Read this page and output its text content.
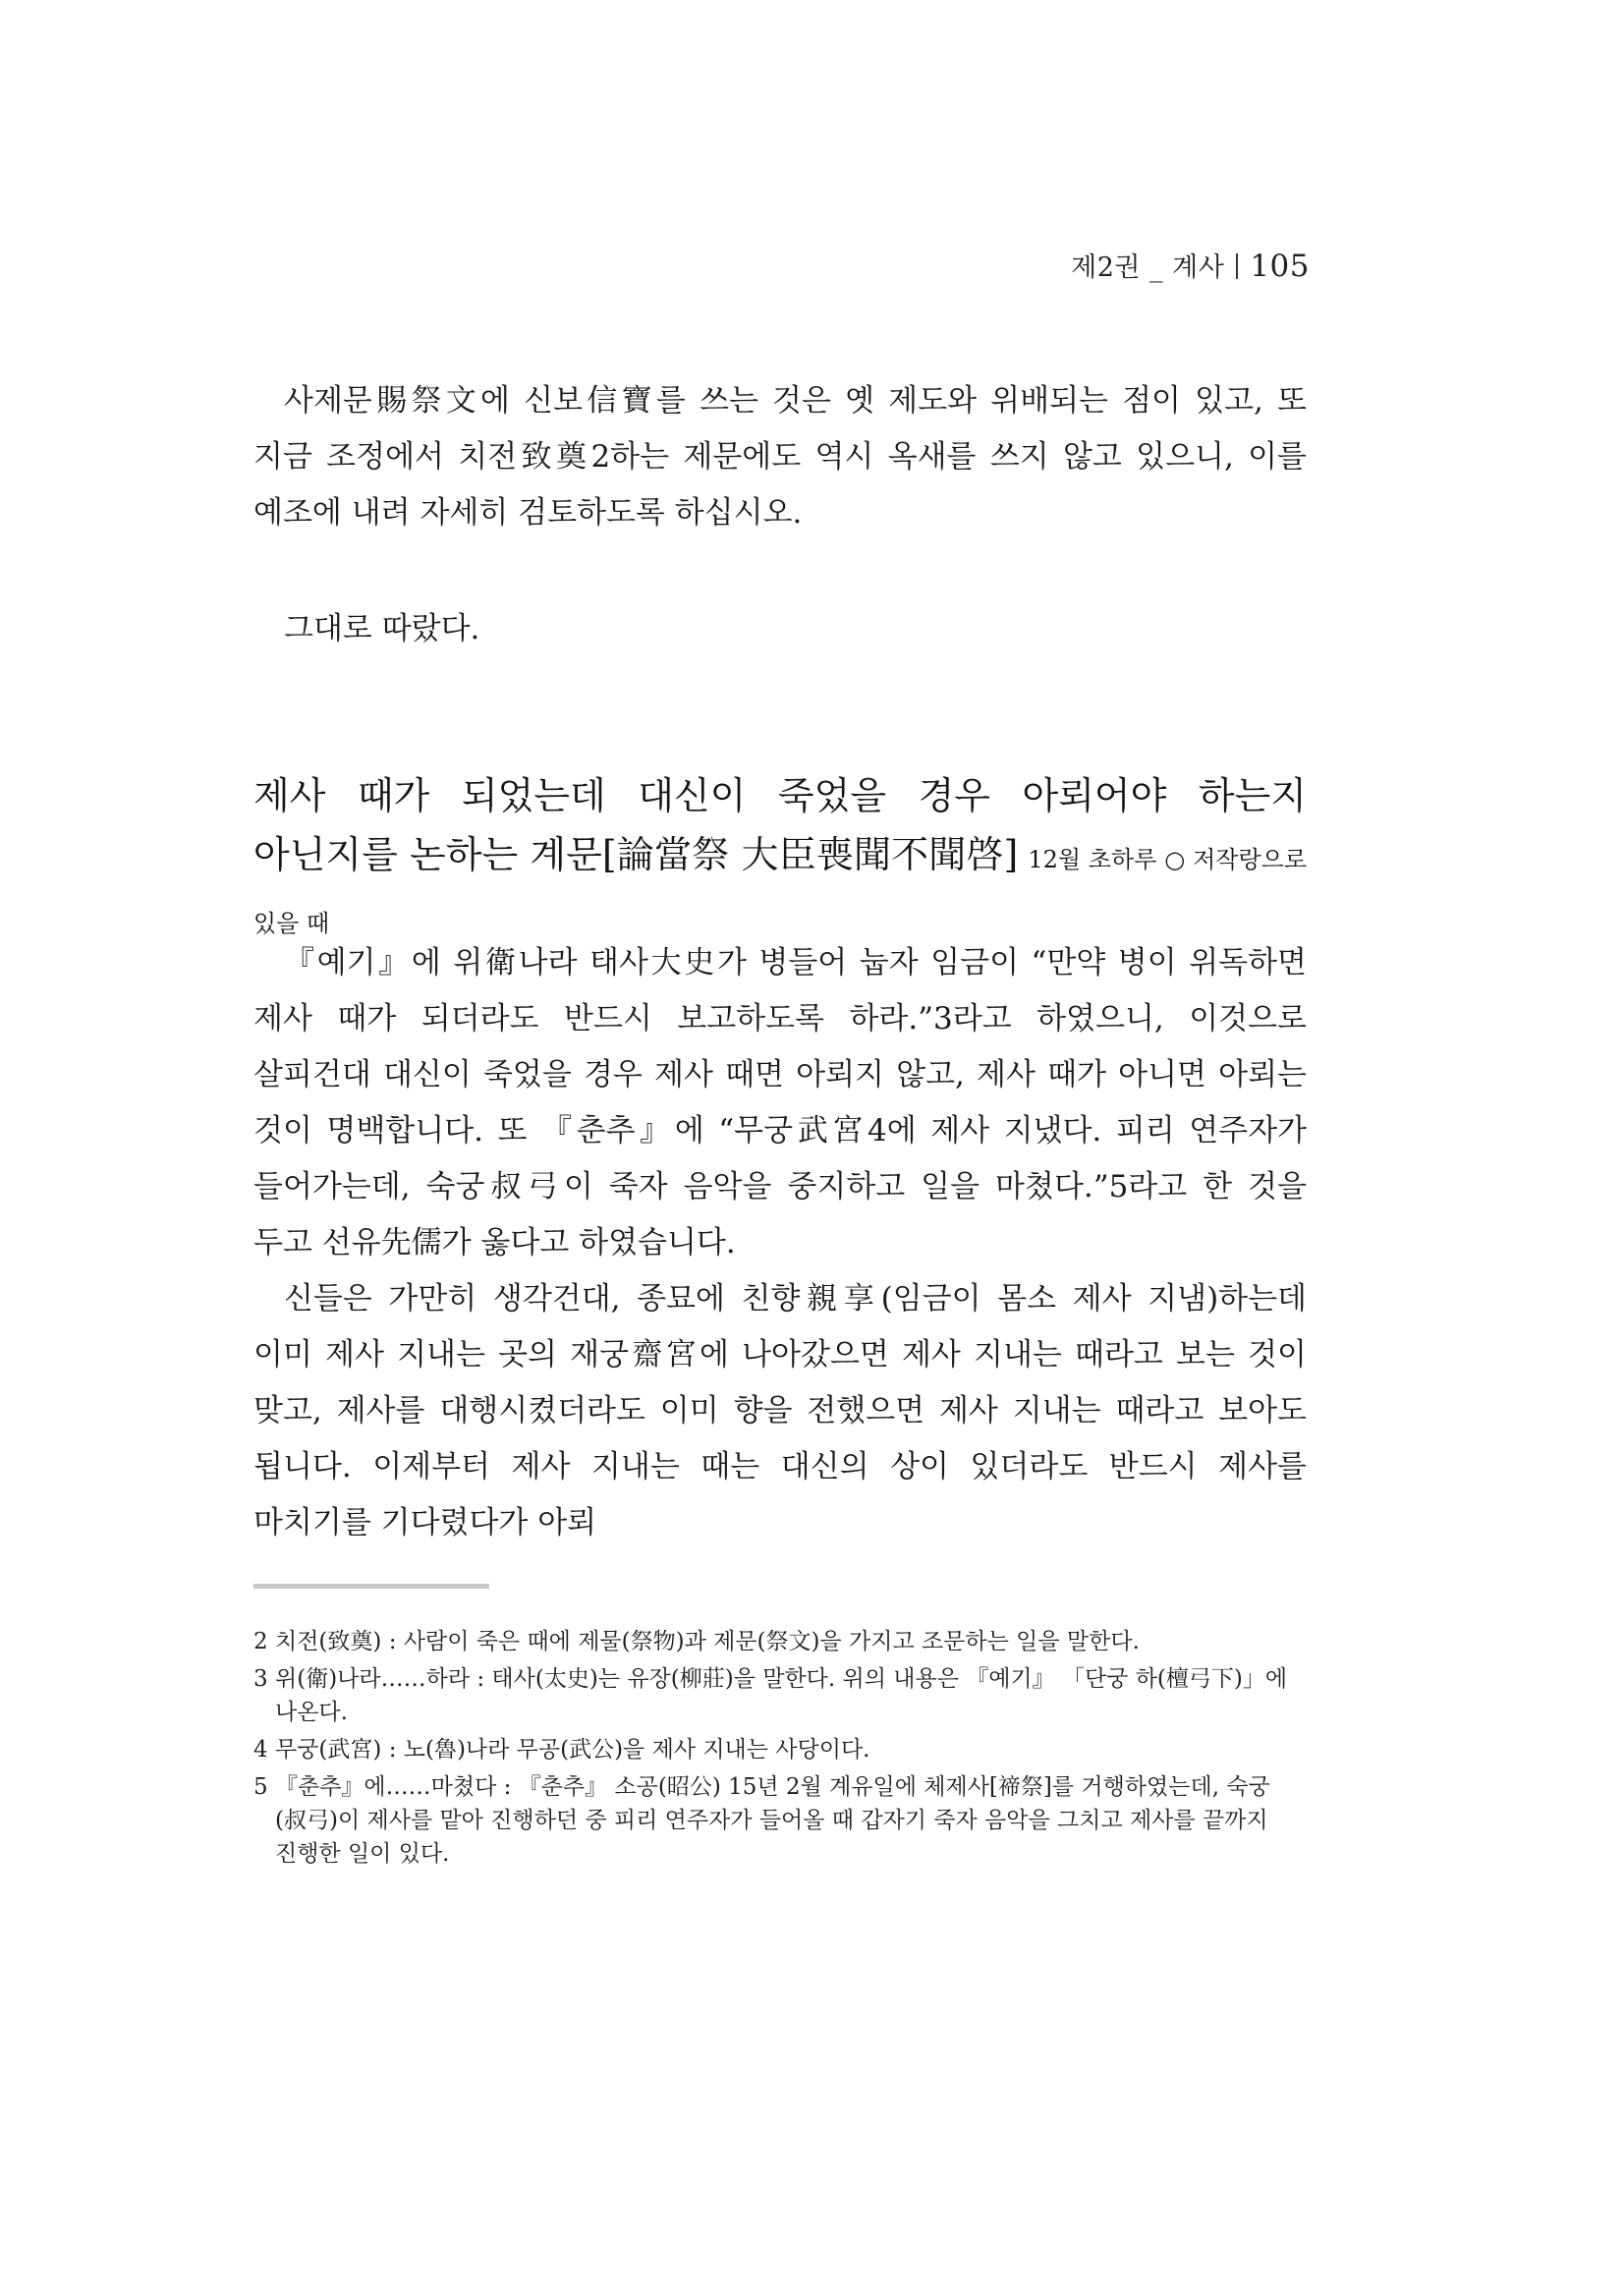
제2권 _ 계사 105

사제문賜祭文에 신보信寶를 쓰는 것은 옛 제도와 위배되는 점이 있고, 또 지금 조정에서 치전致奠2하는 제문에도 역시 옥새를 쓰지 않고 있으니, 이를 예조에 내려 자세히 검토하도록 하십시오.

그대로 따랐다.

제사 때가 되었는데 대신이 죽었을 경우 아뢰어야 하는지 아닌지를 논하는 계문[論當祭 大臣喪聞不聞啓] 12월 초하루 ○ 저작랑으로 있을 때

『예기』에 위衛나라 태사大史가 병들어 눕자 임금이 “만약 병이 위독하면 제사 때가 되더라도 반드시 보고하도록 하라.”3라고 하였으니, 이것으로 살피건대 대신이 죽었을 경우 제사 때면 아뢰지 않고, 제사 때가 아니면 아뢰는 것이 명백합니다. 또 『춘추』에 “무궁武宮4에 제사 지냈다. 피리 연주자가 들어가는데, 숙궁叔弓이 죽자 음악을 중지하고 일을 마쳤다.”5라고 한 것을 두고 선유先儒가 옳다고 하였습니다.

신들은 가만히 생각건대, 종묘에 친향親享(임금이 몸소 제사 지냄)하는데 이미 제사 지내는 곳의 재궁齋宮에 나아갔으면 제사 지내는 때라고 보는 것이 맞고, 제사를 대행시켰더라도 이미 향을 전했으면 제사 지내는 때라고 보아도 됩니다. 이제부터 제사 지내는 때는 대신의 상이 있더라도 반드시 제사를 마치기를 기다렸다가 아뢰

2 치전(致奠) : 사람이 죽은 때에 제물(祭物)과 제문(祭文)을 가지고 조문하는 일을 말한다.
3 위(衛)나라……하라 : 태사(太史)는 유장(柳莊)을 말한다. 위의 내용은 『예기』 「단궁 하(檀弓下)」에 나온다.
4 무궁(武宮) : 노(魯)나라 무공(武公)을 제사 지내는 사당이다.
5 『춘추』에……마쳤다 : 『춘추』 소공(昭公) 15년 2월 계유일에 체제사[禘祭]를 거행하였는데, 숙궁(叔弓)이 제사를 맡아 진행하던 중 피리 연주자가 들어올 때 갑자기 죽자 음악을 그치고 제사를 끝까지 진행한 일이 있다.
